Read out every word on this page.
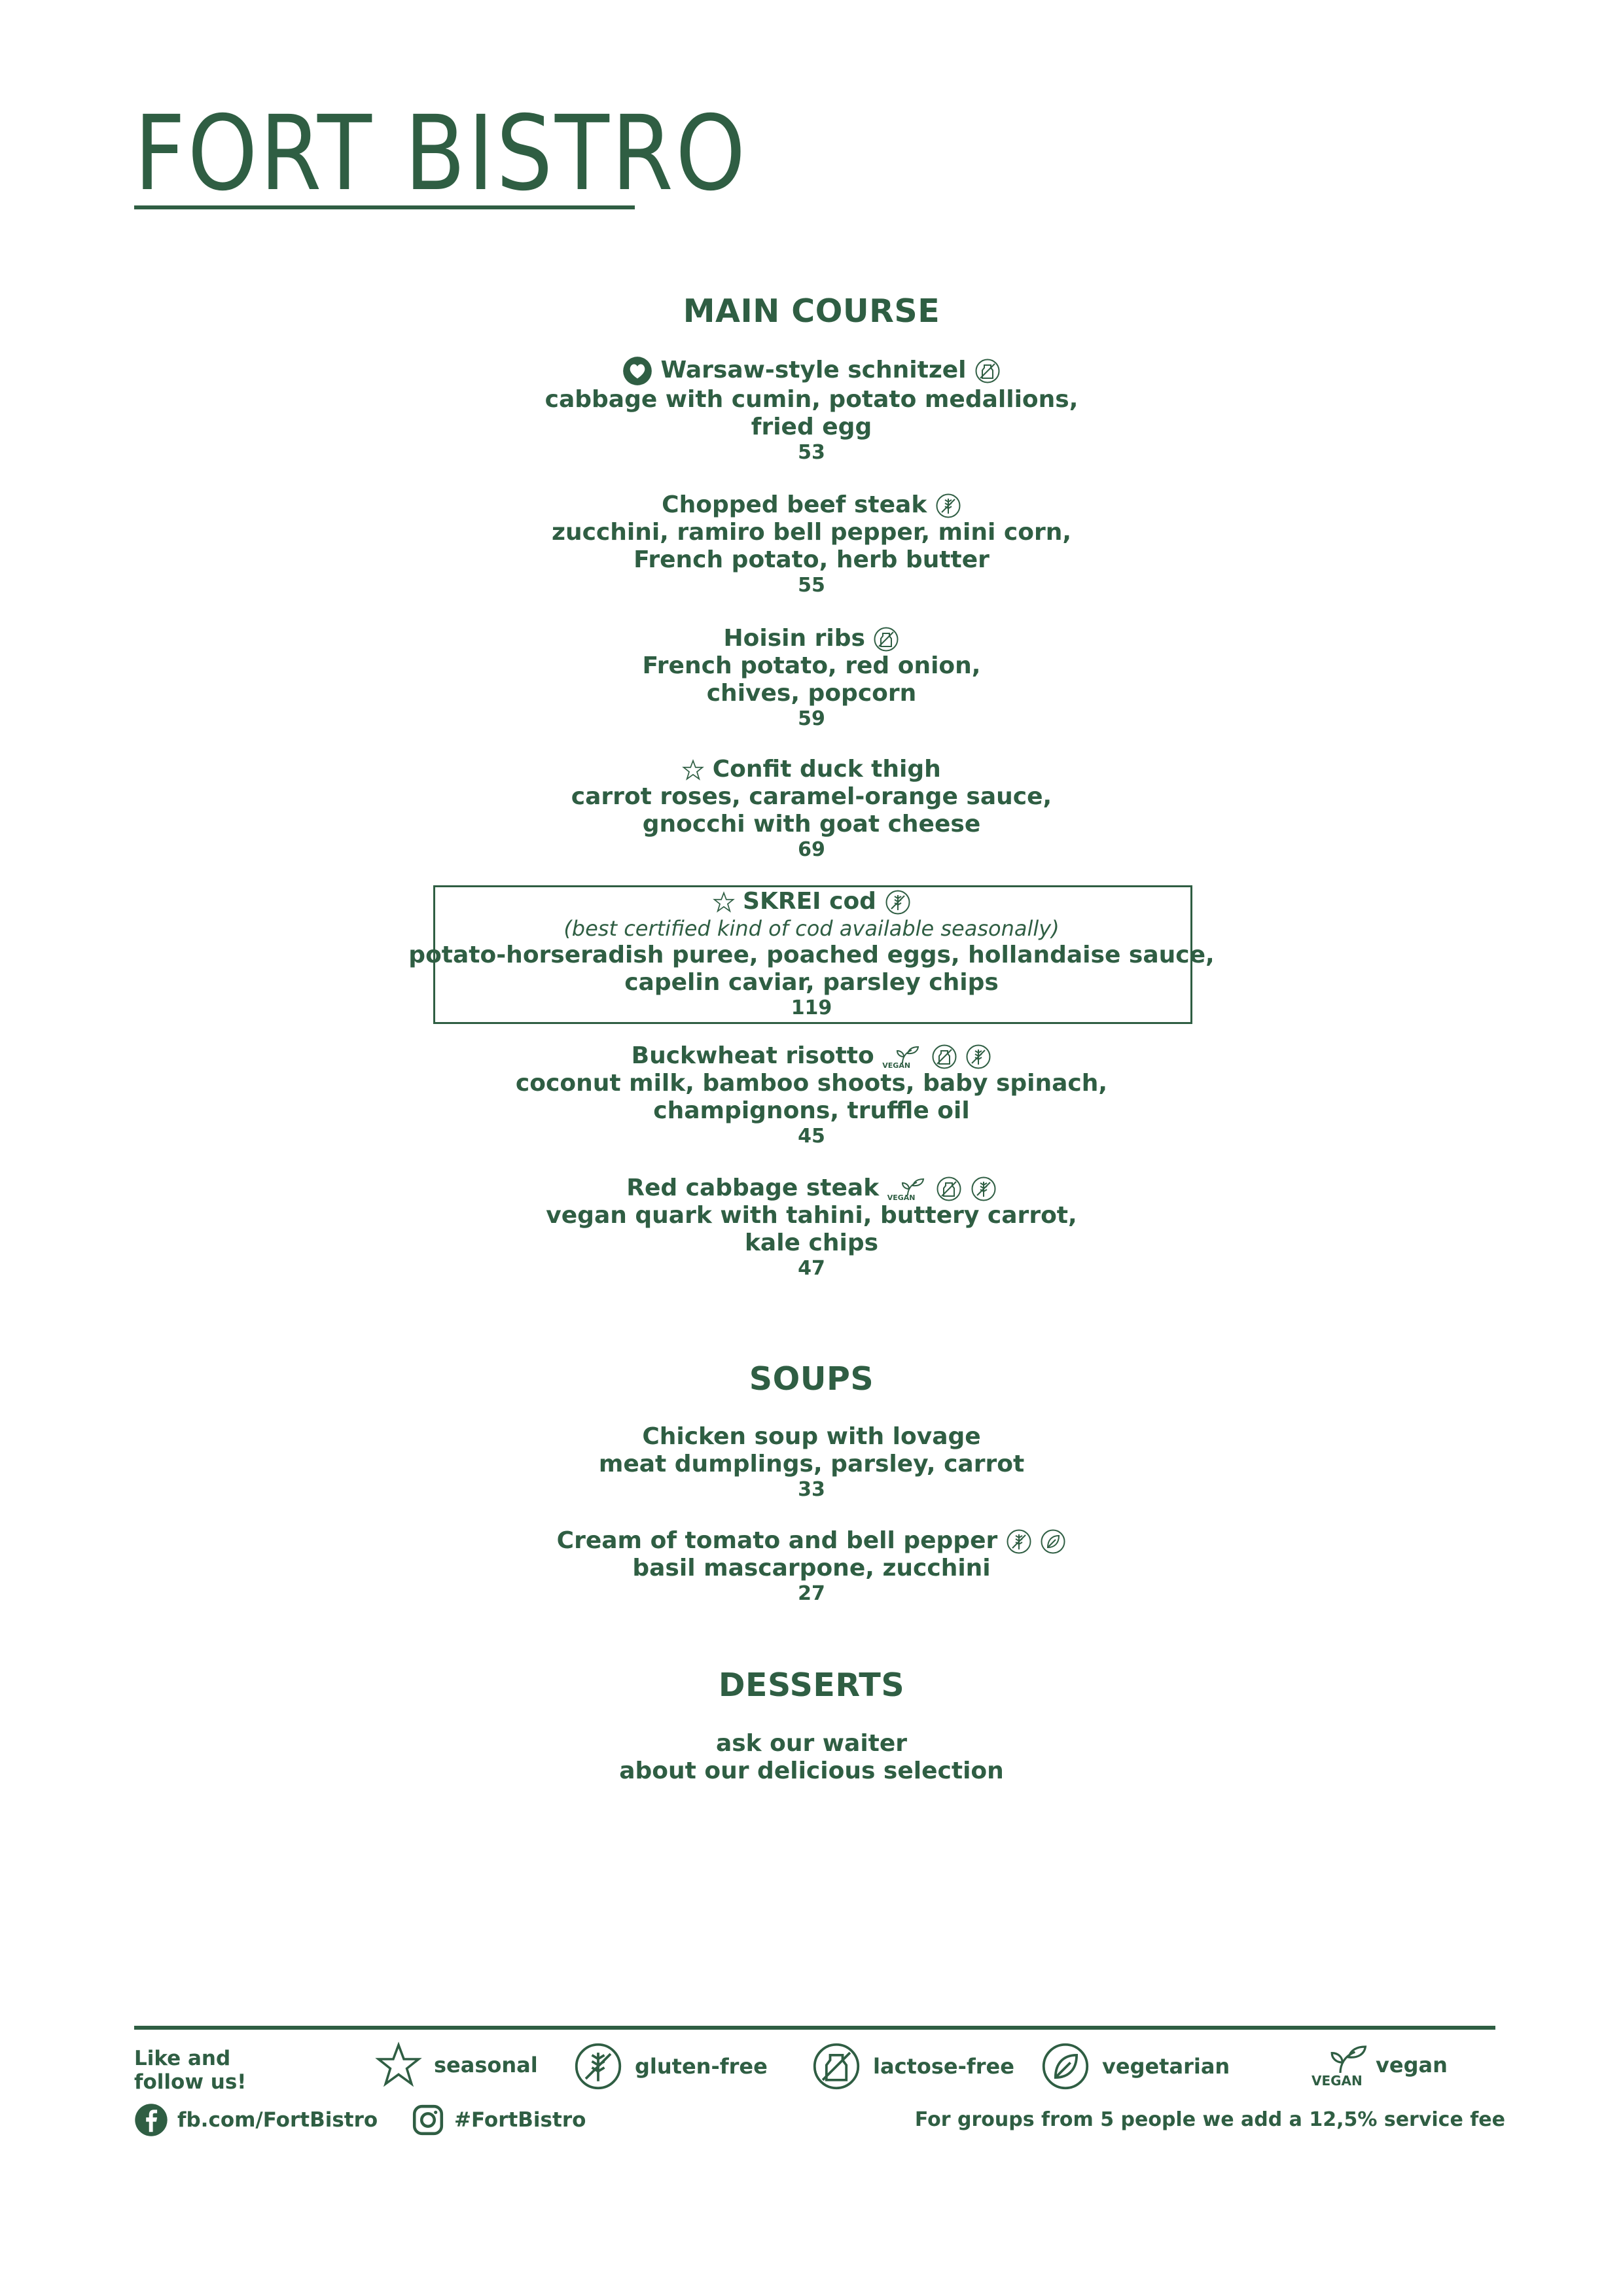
FORT BISTRO
MAIN COURSE
Warsaw-style schnitzel
cabbage with cumin, potato medallions,
fried egg
53
Chopped beef steak
zucchini, ramiro bell pepper, mini corn,
French potato, herb butter
55
Hoisin ribs
French potato, red onion,
chives, popcorn
59
Confit duck thigh
carrot roses, caramel-orange sauce,
gnocchi with goat cheese
69
SKREI cod
(best certified kind of cod available seasonally)
potato-horseradish puree, poached eggs, hollandaise sauce,
capelin caviar, parsley chips
119
Buckwheat risotto VEGAN

coconut milk, bamboo shoots, baby spinach,
champignons, truffle oil
45
Red cabbage steak VEGAN

vegan quark with tahini, buttery carrot,
kale chips
47
SOUPS
Chicken soup with lovage
meat dumplings, parsley, carrot
33
Cream of tomato and bell pepper
basil mascarpone, zucchini
27
DESSERTS
ask our waiter
about our delicious selection
Like and
follow us!
seasonal	gluten-free	lactose-free	vegetarian
VEGAN
vegan
fb.com/FortBistro	#FortBistro	For groups from 5 people we add a 12,5% service fee
